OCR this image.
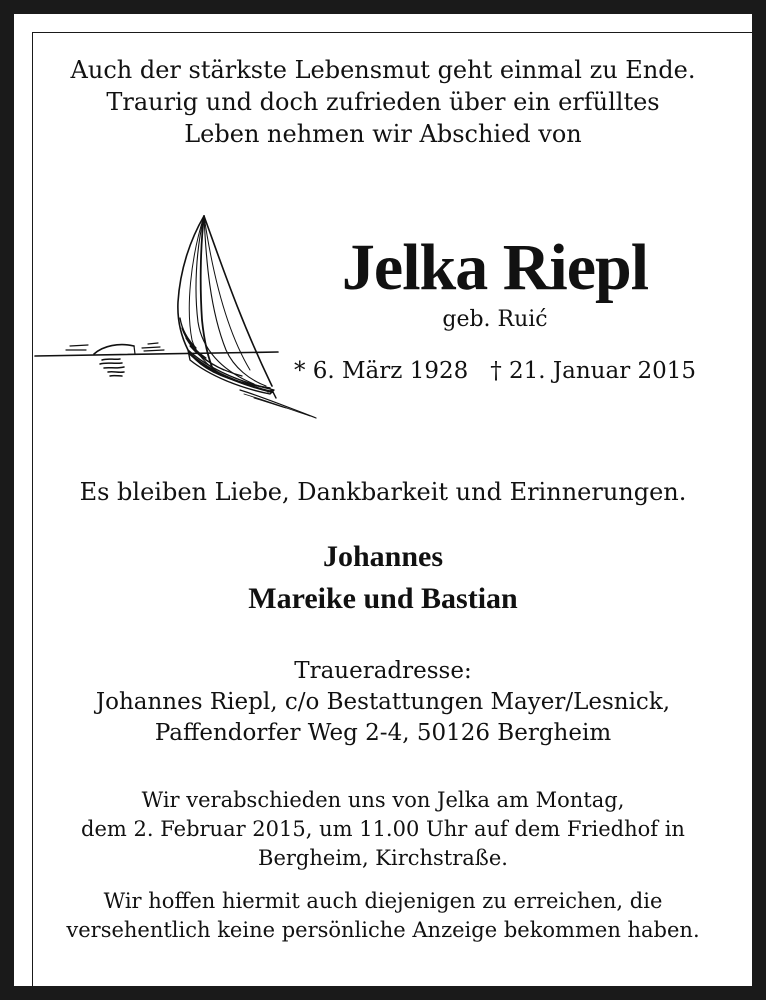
Auch der stärkste Lebensmut geht einmal zu Ende.
Traurig und doch zufrieden über ein erfülltes
Leben nehmen wir Abschied von
Jelka Riepl
geb. Ruić
* 6. März 1928 † 21. Januar 2015
Es bleiben Liebe, Dankbarkeit und Erinnerungen.
Johannes
Mareike und Bastian
Traueradresse:
Johannes Riepl, c/o Bestattungen Mayer/Lesnick,
Paffendorfer Weg 2-4, 50126 Bergheim
Wir verabschieden uns von Jelka am Montag,
dem 2. Februar 2015, um 11.00 Uhr auf dem Friedhof in
Bergheim, Kirchstraße.
Wir hoffen hiermit auch diejenigen zu erreichen, die
versehentlich keine persönliche Anzeige bekommen haben.
